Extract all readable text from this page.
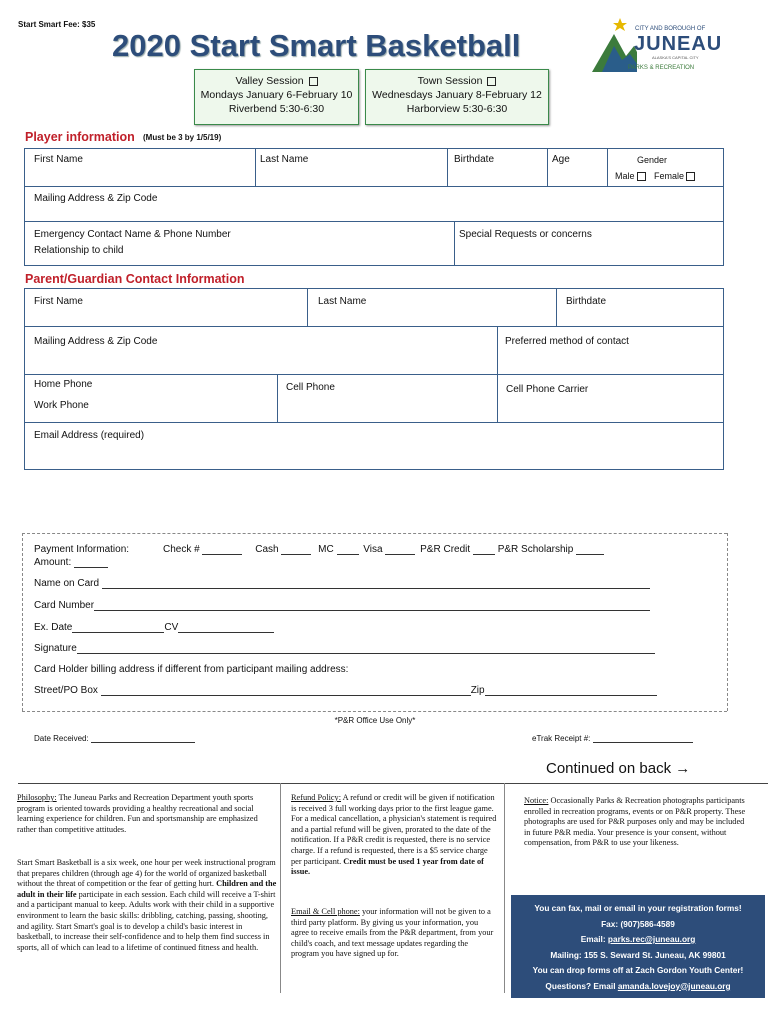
Start Smart Fee: $35
2020 Start Smart Basketball	CITY AND BOROUGH OF
JUNEAU
ALASKA'S CAPITAL CITY
PARKS & RECREATION
Valley Session
Mondays January 6-February 10
Riverbend 5:30-6:30
Town Session
Wednesdays January 8-February 12
Harborview 5:30-6:30
Player information (Must be 3 by 1/5/19)
First Name	Last Name	Birthdate	Age	Gender
Male	Female
Mailing Address & Zip Code
Emergency Contact Name & Phone Number
Relationship to child
Special Requests or concerns
Parent/Guardian Contact Information
First Name	Last Name	Birthdate
Mailing Address & Zip Code	Preferred method of contact
Home Phone
Work Phone
Cell Phone	Cell Phone Carrier
Email Address (required)
Payment Information:
Amount:
Check #	Cash	MC	Visa	P&R Credit	P&R Scholarship
Name on Card
Card Number
Ex. Date	CV
Signature
Card Holder billing address if different from participant mailing address:
Street/PO Box	Zip
*P&R Office Use Only*
Date Received:	eTrak Receipt #:
Continued on back →
Philosophy: The Juneau Parks and Recreation Department youth sports program is oriented towards providing a healthy recreational and social learning experience for children. Fun and sportsmanship are emphasized rather than competitive attitudes.
Start Smart Basketball is a six week, one hour per week instructional program that prepares children (through age 4) for the world of organized basketball without the threat of competition or the fear of getting hurt. Children and the adult in their life participate in each session. Each child will receive a T-shirt and a participant manual to keep. Adults work with their child in a supportive environment to learn the basic skills: dribbling, catching, passing, shooting, and agility. Start Smart's goal is to develop a child's basic interest in basketball, to increase their self-confidence and to help them find success in sports, all of which can lead to a lifetime of continued fitness and health.
Refund Policy: A refund or credit will be given if notification is received 3 full working days prior to the first league game. For a medical cancellation, a physician's statement is required and a partial refund will be given, prorated to the date of the notification. If a P&R credit is requested, there is no service charge. If a refund is requested, there is a $5 service charge per participant. Credit must be used 1 year from date of issue.
Email & Cell phone: your information will not be given to a third party platform. By giving us your information, you agree to receive emails from the P&R department, from your child's coach, and text message updates regarding the program you have signed up for.
Notice: Occasionally Parks & Recreation photographs participants enrolled in recreation programs, events or on P&R property. These photographs are used for P&R purposes only and may be included in future P&R media. Your presence is your consent, without compensation, from P&R to use your likeness.
You can fax, mail or email in your registration forms!
Fax: (907)586-4589
Email: parks.rec@juneau.org
Mailing: 155 S. Seward St. Juneau, AK 99801
You can drop forms off at Zach Gordon Youth Center!
Questions? Email amanda.lovejoy@juneau.org
